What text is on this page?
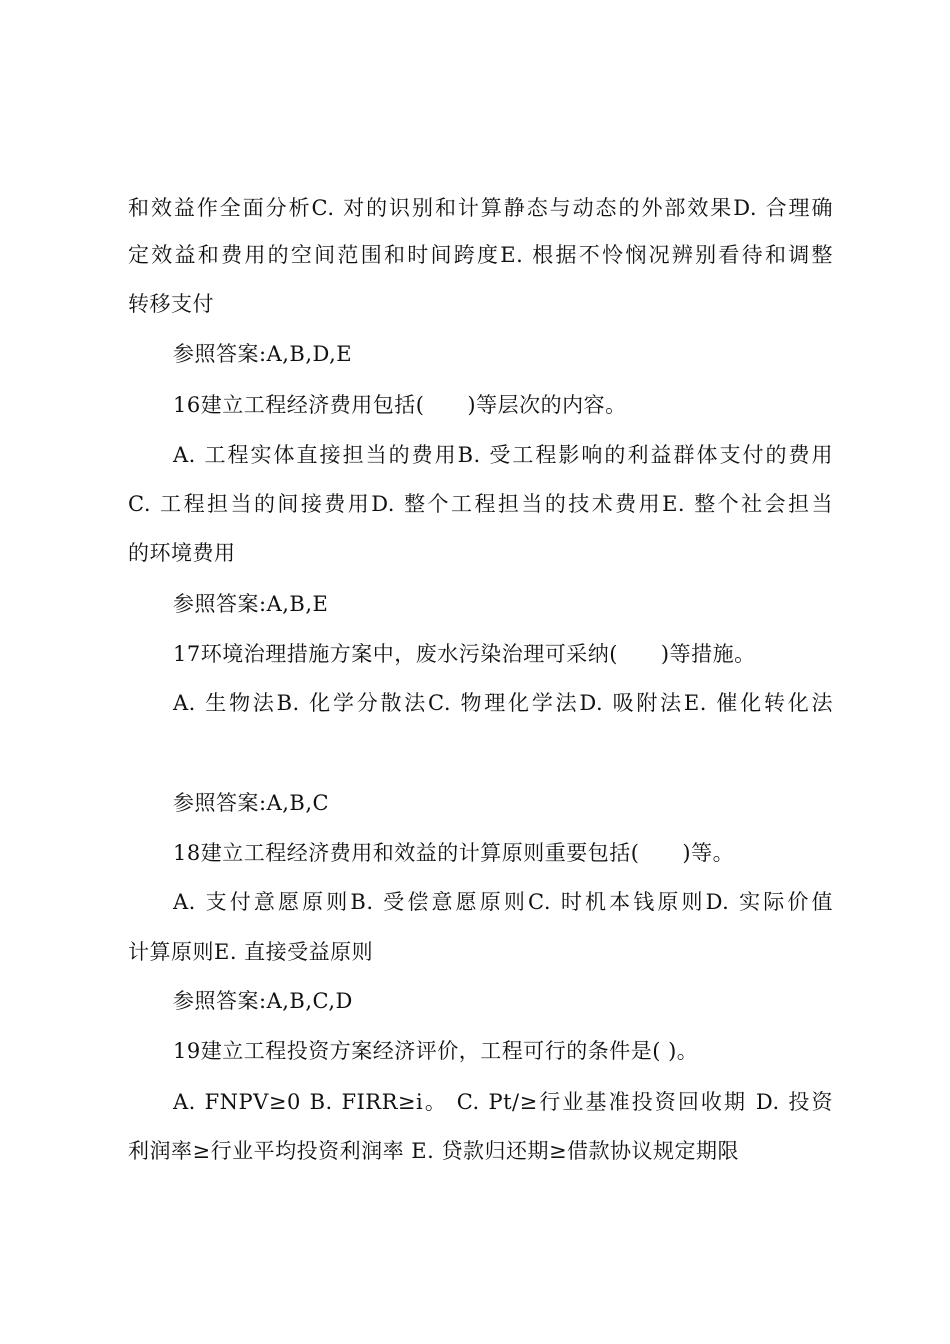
和效益作全面分析C. 对的识别和计算静态与动态的外部效果D. 合理确
定效益和费用的空间范围和时间跨度E. 根据不怜悯况辨别看待和调整
转移支付
参照答案:A,B,D,E
16建立工程经济费用包括(　　)等层次的内容。
A. 工程实体直接担当的费用B. 受工程影响的利益群体支付的费用
C. 工程担当的间接费用D. 整个工程担当的技术费用E. 整个社会担当
的环境费用
参照答案:A,B,E
17环境治理措施方案中，废水污染治理可采纳(　　)等措施。
A. 生物法B. 化学分散法C. 物理化学法D. 吸附法E. 催化转化法
参照答案:A,B,C
18建立工程经济费用和效益的计算原则重要包括(　　)等。
A. 支付意愿原则B. 受偿意愿原则C. 时机本钱原则D. 实际价值
计算原则E. 直接受益原则
参照答案:A,B,C,D
19建立工程投资方案经济评价，工程可行的条件是( )。
A. FNPV≥0 B. FIRR≥i。 C. Pt/≥行业基准投资回收期 D. 投资
利润率≥行业平均投资利润率 E. 贷款归还期≥借款协议规定期限
